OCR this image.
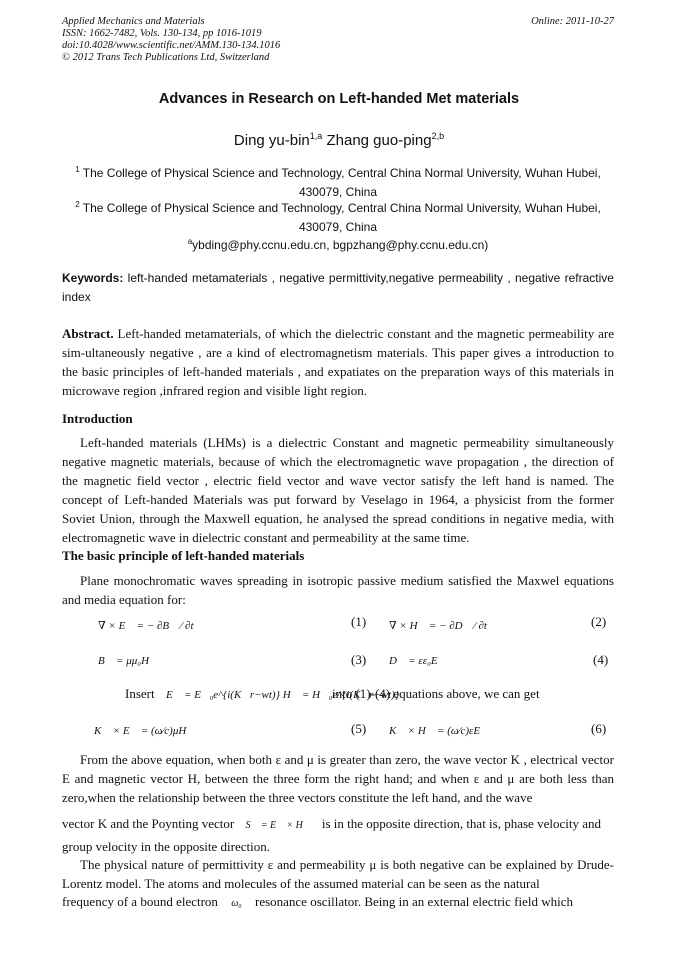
Applied Mechanics and Materials
ISSN: 1662-7482, Vols. 130-134, pp 1016-1019
doi:10.4028/www.scientific.net/AMM.130-134.1016
© 2012 Trans Tech Publications Ltd, Switzerland
Online: 2011-10-27
Advances in Research on Left-handed Met materials
Ding yu-bin$^{1,a}$ Zhang guo-ping$^{2,b}$
$^1$ The College of Physical Science and Technology, Central China Normal University, Wuhan Hubei, 430079, China
$^2$ The College of Physical Science and Technology, Central China Normal University, Wuhan Hubei, 430079, China
$^a$ybding@phy.ccnu.edu.cn, bgpzhang@phy.ccnu.edu.cn)
Keywords: left-handed metamaterials , negative permittivity,negative permeability , negative refractive index
Abstract. Left-handed metamaterials, of which the dielectric constant and the magnetic permeability are sim-ultaneously negative , are a kind of electromagnetism materials. This paper gives a introduction to the basic principles of left-handed materials , and expatiates on the preparation ways of this materials in microwave region ,infrared region and visible light region.
Introduction
Left-handed materials (LHMs) is a dielectric Constant and magnetic permeability simultaneously negative magnetic materials, because of which the electromagnetic wave propagation , the direction of the magnetic field vector , electric field vector and wave vector satisfy the left hand is named. The concept of Left-handed Materials was put forward by Veselago in 1964, a physicist from the former Soviet Union, through the Maxwell equation, he analysed the spread conditions in negative media, with electromagnetic wave in dielectric constant and permeability at the same time.
The basic principle of left-handed materials
Plane monochromatic waves spreading in isotropic passive medium satisfied the Maxwel equations and media equation for:
∇ × E⃗ = − ∂B⃗ ⁄ ∂t	(1) ∇ × H⃗ = − ∂D⃗ ⁄ ∂t	(2)
B⃗ = μμ₀H⃗	(3) D⃗ = εε₀E⃗	(4)
Insert E⃗ = E⃗₀e^{i(K⃗r−wt)} H⃗ = H⃗₀e^{i(K⃗r−wt)}
into (1)-(4) equations above, we can get
K⃗ × E⃗ = (ω⁄c)μH⃗	(5) K⃗ × H⃗ = (ω⁄c)εE⃗	(6)
From the above equation, when both ε and μ is greater than zero, the wave vector K , electrical vector E and magnetic vector H, between the three form the right hand; and when ε and μ are both less than zero,when the relationship between the three vectors constitute the left hand, and the wave
vector K and the Poynting vector S⃗ = E⃗ × H⃗ is in the opposite direction, that is, phase velocity and
group velocity in the opposite direction.
The physical nature of permittivity ε and permeability μ is both negative can be explained by Drude-Lorentz model. The atoms and molecules of the assumed material can be seen as the natural
frequency of a bound electron ω₀ resonance oscillator. Being in an external electric field which
